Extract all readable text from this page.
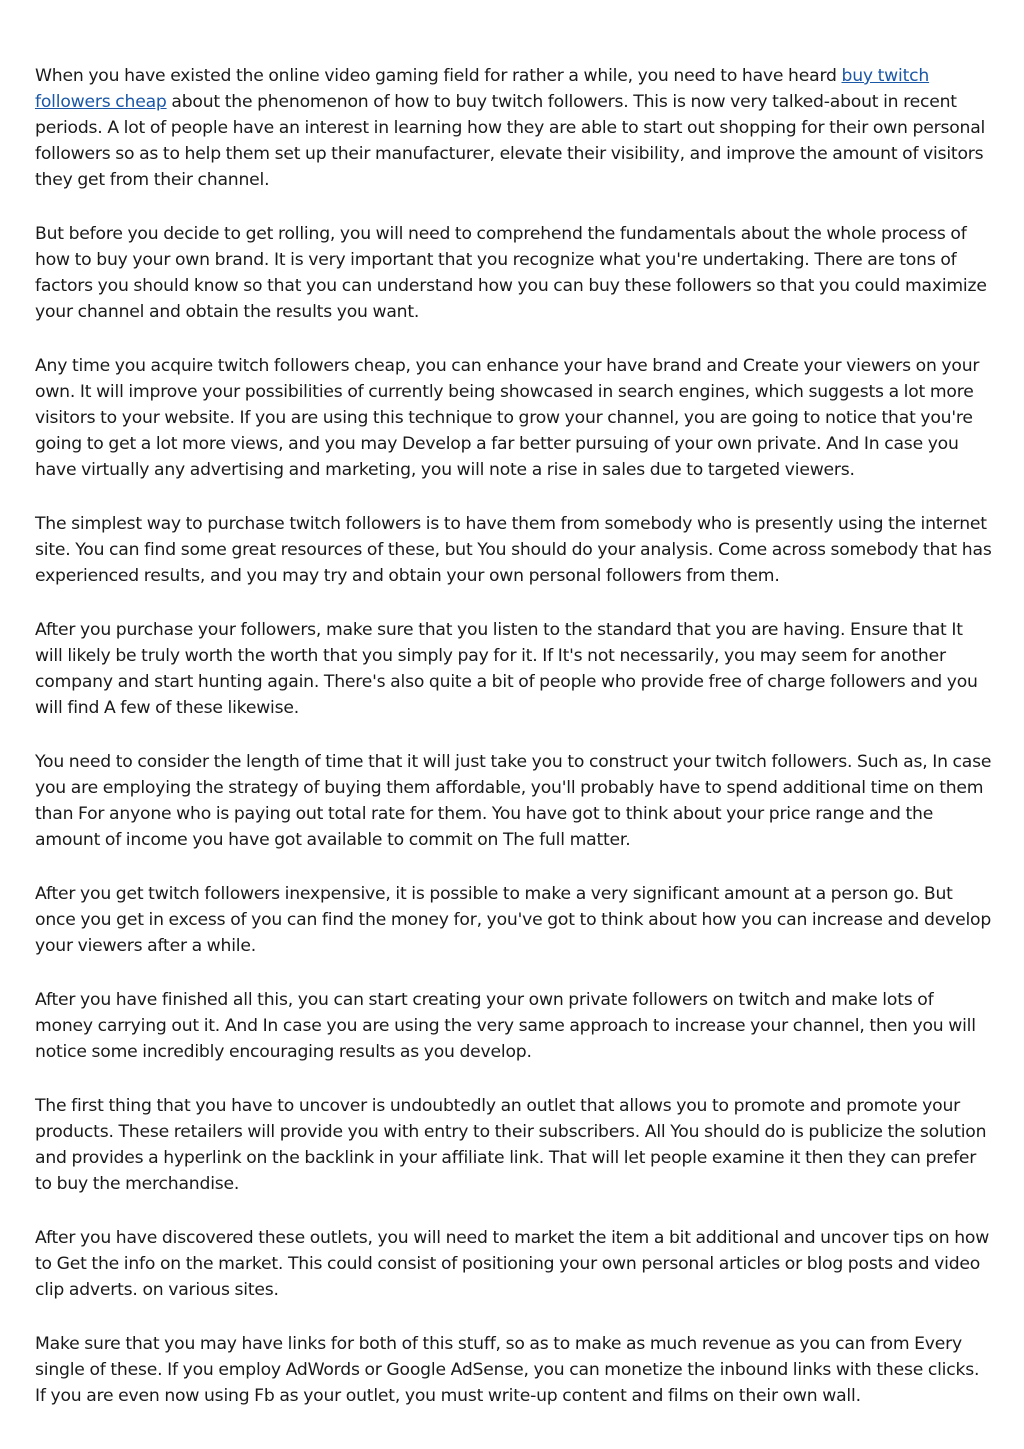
When you have existed the online video gaming field for rather a while, you need to have heard buy twitch followers cheap about the phenomenon of how to buy twitch followers. This is now very talked-about in recent periods. A lot of people have an interest in learning how they are able to start out shopping for their own personal followers so as to help them set up their manufacturer, elevate their visibility, and improve the amount of visitors they get from their channel.

But before you decide to get rolling, you will need to comprehend the fundamentals about the whole process of how to buy your own brand. It is very important that you recognize what you're undertaking. There are tons of factors you should know so that you can understand how you can buy these followers so that you could maximize your channel and obtain the results you want.

Any time you acquire twitch followers cheap, you can enhance your have brand and Create your viewers on your own. It will improve your possibilities of currently being showcased in search engines, which suggests a lot more visitors to your website. If you are using this technique to grow your channel, you are going to notice that you're going to get a lot more views, and you may Develop a far better pursuing of your own private. And In case you have virtually any advertising and marketing, you will note a rise in sales due to targeted viewers.

The simplest way to purchase twitch followers is to have them from somebody who is presently using the internet site. You can find some great resources of these, but You should do your analysis. Come across somebody that has experienced results, and you may try and obtain your own personal followers from them.

After you purchase your followers, make sure that you listen to the standard that you are having. Ensure that It will likely be truly worth the worth that you simply pay for it. If It's not necessarily, you may seem for another company and start hunting again. There's also quite a bit of people who provide free of charge followers and you will find A few of these likewise.

You need to consider the length of time that it will just take you to construct your twitch followers. Such as, In case you are employing the strategy of buying them affordable, you'll probably have to spend additional time on them than For anyone who is paying out total rate for them. You have got to think about your price range and the amount of income you have got available to commit on The full matter.

After you get twitch followers inexpensive, it is possible to make a very significant amount at a person go. But once you get in excess of you can find the money for, you've got to think about how you can increase and develop your viewers after a while.

After you have finished all this, you can start creating your own private followers on twitch and make lots of money carrying out it. And In case you are using the very same approach to increase your channel, then you will notice some incredibly encouraging results as you develop.

The first thing that you have to uncover is undoubtedly an outlet that allows you to promote and promote your products. These retailers will provide you with entry to their subscribers. All You should do is publicize the solution and provides a hyperlink on the backlink in your affiliate link. That will let people examine it then they can prefer to buy the merchandise.

After you have discovered these outlets, you will need to market the item a bit additional and uncover tips on how to Get the info on the market. This could consist of positioning your own personal articles or blog posts and video clip adverts. on various sites.

Make sure that you may have links for both of this stuff, so as to make as much revenue as you can from Every single of these. If you employ AdWords or Google AdSense, you can monetize the inbound links with these clicks. If you are even now using Fb as your outlet, you must write-up content and films on their own wall.
